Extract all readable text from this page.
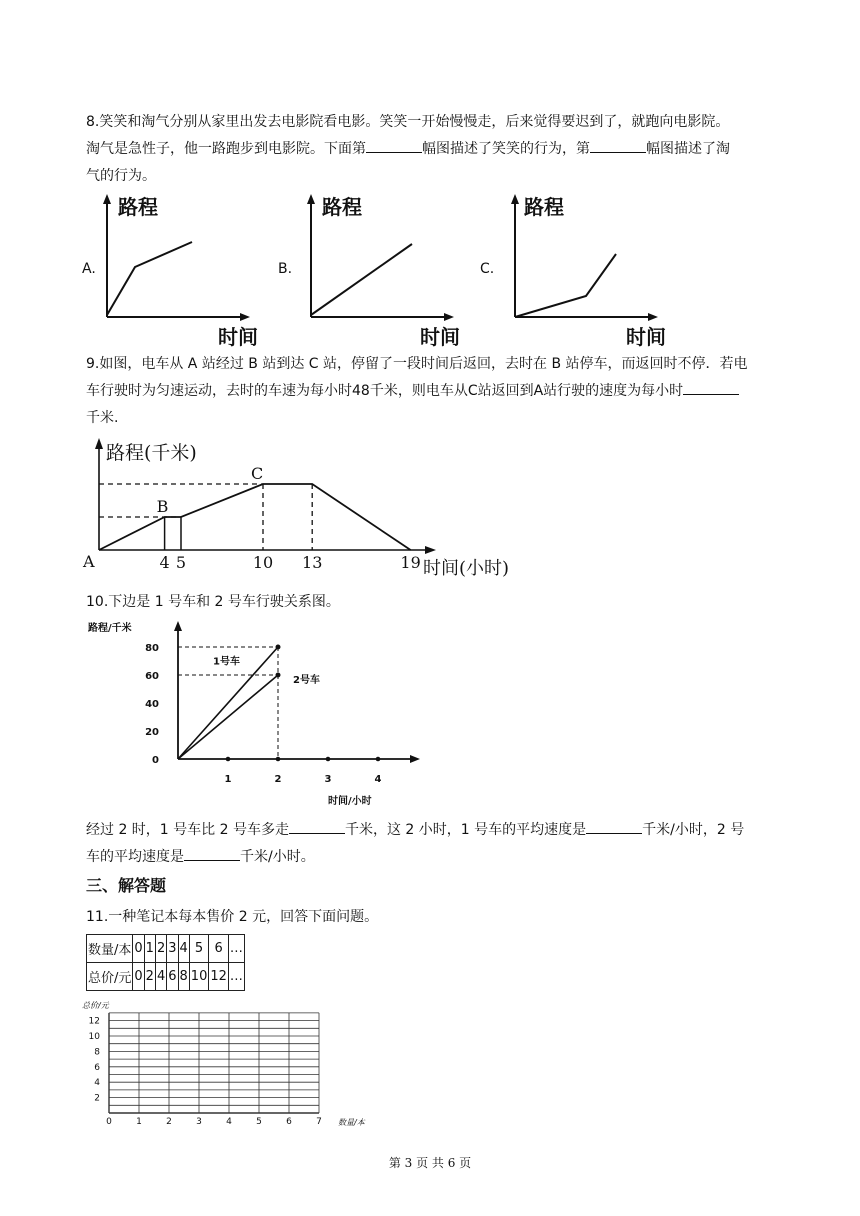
8.笑笑和淘气分别从家里出发去电影院看电影。笑笑一开始慢慢走，后来觉得要迟到了，就跑向电影院。
淘气是急性子，他一路跑步到电影院。下面第	幅图描述了笑笑的行为，第	幅图描述了淘
气的行为。
A.
路程
时间
B.
路程
时间
C.
路程
时间
9.如图，电车从 A 站经过 B 站到达 C 站，停留了一段时间后返回，去时在 B 站停车，而返回时不停．若电
车行驶时为匀速运动，去时的车速为每小时48千米，则电车从C站返回到A站行驶的速度为每小时
千米.
路程(千米)
时间(小时)
4 5	10 13	19
A
B
C
10.下边是 1 号车和 2 号车行驶关系图。
路程/千米
时间/小时
0
20
40
60
80
1	2	3	4
1号车
2号车
经过 2 时，1 号车比 2 号车多走	千米，这 2 小时，1 号车的平均速度是	千米/小时，2 号
车的平均速度是	千米/小时。
三、解答题
11.一种笔记本每本售价 2 元，回答下面问题。
数量/本	0	1	2	3	4	5	6	…
总价/元	0	2	4	6	8	10	12	…
总价/元
数量/本
2
4
6
8
10
12
0	1	2	3	4	5	6	7
第 3 页 共 6 页
